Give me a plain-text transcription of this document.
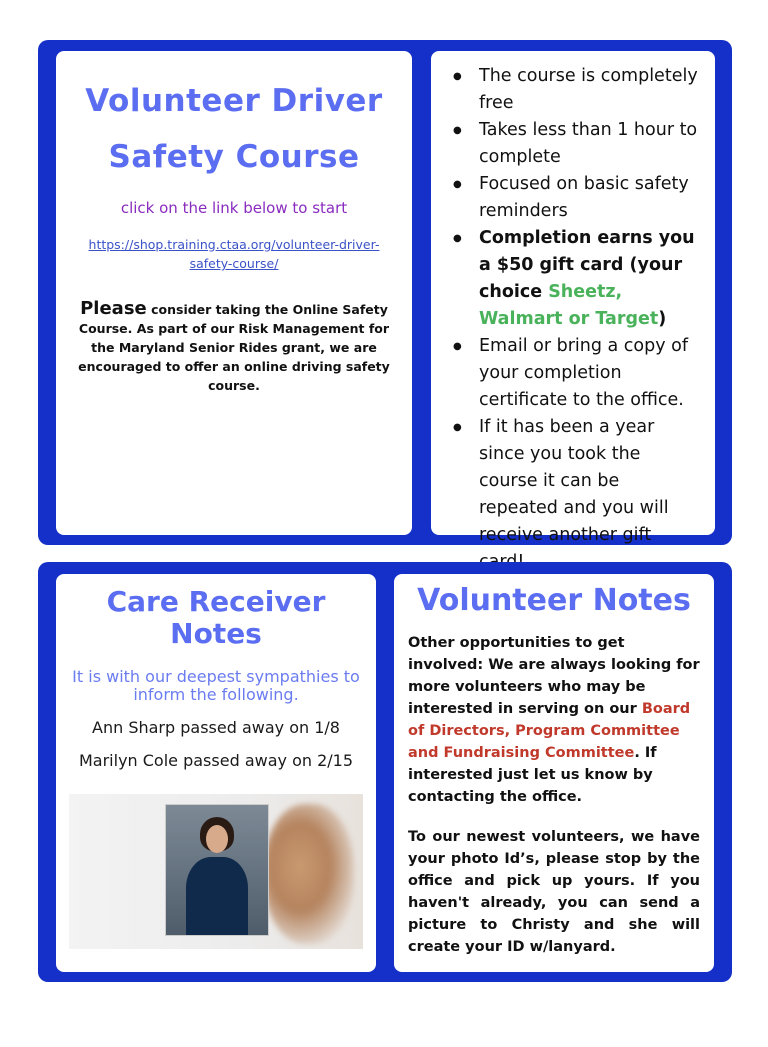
Volunteer Driver Safety Course
click on the link below to start
https://shop.training.ctaa.org/volunteer-driver-safety-course/
Please consider taking the Online Safety Course. As part of our Risk Management for the Maryland Senior Rides grant, we are encouraged to offer an online driving safety course.
● The course is completely free
● Takes less than 1 hour to complete
● Focused on basic safety reminders
● Completion earns you a $50 gift card (your choice Sheetz, Walmart or Target)
● Email or bring a copy of your completion certificate to the office.
● If it has been a year since you took the course it can be repeated and you will receive another gift
Care Receiver Notes
It is with our deepest sympathies to inform the following.
Ann Sharp passed away on 1/8
Marilyn Cole passed away on 2/15
Volunteer Notes
Other opportunities to get involved: We are always looking for more volunteers who may be interested in serving on our Board of Directors, Program Committee and Fundraising Committee. If interested just let us know by contacting the office.
To our newest volunteers, we have your photo Id’s, please stop by the office and pick up yours. If you haven't already, you can send a picture to Christy and she will create your ID w/lanyard.
